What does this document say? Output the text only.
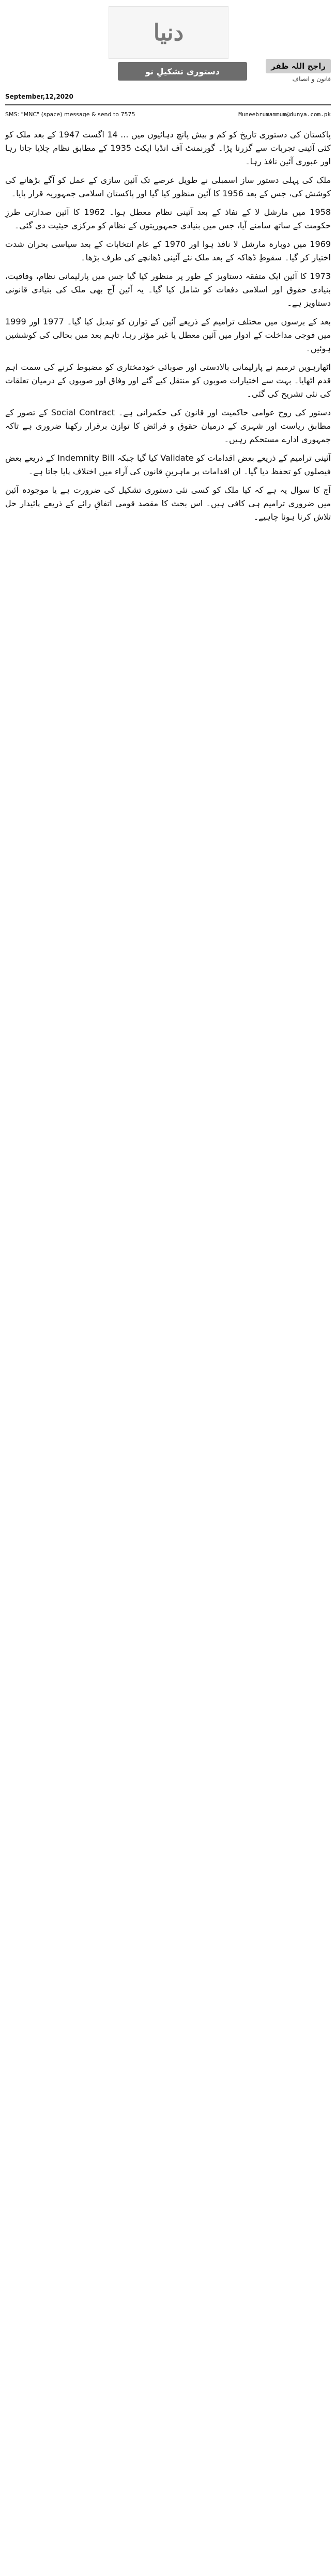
دنیا
دستوری تشکیلِ نو
راجح اللہ ظفر
قانون و انصاف
September,12,2020
SMS: "MNC" (space) message & send to 7575	Muneebrumammum@dunya.com.pk

پاکستان کی دستوری تاریخ کو کم و بیش پانچ دہائیوں میں ... 14 اگست 1947 کے بعد ملک کو کئی آئینی تجربات سے گزرنا پڑا۔ گورنمنٹ آف انڈیا ایکٹ 1935 کے مطابق نظام چلایا جاتا رہا اور عبوری آئین نافذ رہا۔

ملک کی پہلی دستور ساز اسمبلی نے طویل عرصے تک آئین سازی کے عمل کو آگے بڑھانے کی کوشش کی، جس کے بعد 1956 کا آئین منظور کیا گیا اور پاکستان اسلامی جمہوریہ قرار پایا۔

1958 میں مارشل لا کے نفاذ کے بعد آئینی نظام معطل ہوا۔ 1962 کا آئین صدارتی طرزِ حکومت کے ساتھ سامنے آیا، جس میں بنیادی جمہوریتوں کے نظام کو مرکزی حیثیت دی گئی۔

1969 میں دوبارہ مارشل لا نافذ ہوا اور 1970 کے عام انتخابات کے بعد سیاسی بحران شدت اختیار کر گیا۔ سقوطِ ڈھاکہ کے بعد ملک نئے آئینی ڈھانچے کی طرف بڑھا۔

1973 کا آئین ایک متفقہ دستاویز کے طور پر منظور کیا گیا جس میں پارلیمانی نظام، وفاقیت، بنیادی حقوق اور اسلامی دفعات کو شامل کیا گیا۔ یہ آئین آج بھی ملک کی بنیادی قانونی دستاویز ہے۔

بعد کے برسوں میں مختلف ترامیم کے ذریعے آئین کے توازن کو تبدیل کیا گیا۔ 1977 اور 1999 میں فوجی مداخلت کے ادوار میں آئین معطل یا غیر مؤثر رہا، تاہم بعد میں بحالی کی کوششیں ہوئیں۔

اٹھارہویں ترمیم نے پارلیمانی بالادستی اور صوبائی خودمختاری کو مضبوط کرنے کی سمت اہم قدم اٹھایا۔ بہت سے اختیارات صوبوں کو منتقل کیے گئے اور وفاق اور صوبوں کے درمیان تعلقات کی نئی تشریح کی گئی۔

دستور کی روح عوامی حاکمیت اور قانون کی حکمرانی ہے۔ Social Contract کے تصور کے مطابق ریاست اور شہری کے درمیان حقوق و فرائض کا توازن برقرار رکھنا ضروری ہے تاکہ جمہوری ادارے مستحکم رہیں۔

آئینی ترامیم کے ذریعے بعض اقدامات کو Validate کیا گیا جبکہ Indemnity Bill کے ذریعے بعض فیصلوں کو تحفظ دیا گیا۔ ان اقدامات پر ماہرینِ قانون کی آراء میں اختلاف پایا جاتا ہے۔

آج کا سوال یہ ہے کہ کیا ملک کو کسی نئی دستوری تشکیل کی ضرورت ہے یا موجودہ آئین میں ضروری ترامیم ہی کافی ہیں۔ اس بحث کا مقصد قومی اتفاقِ رائے کے ذریعے پائیدار حل تلاش کرنا ہونا چاہیے۔
